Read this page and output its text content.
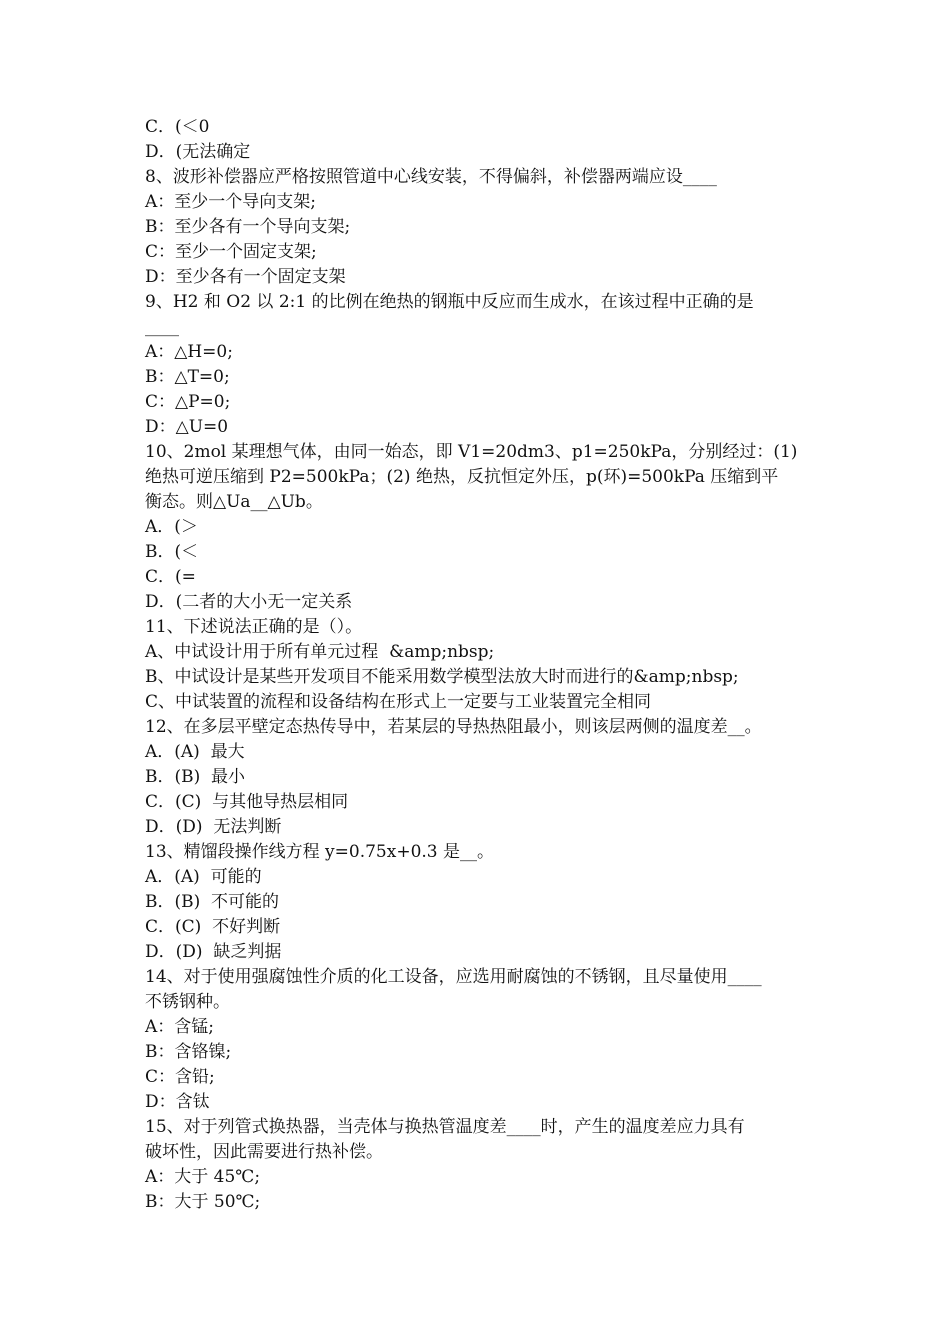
C．(＜0

D．(无法确定

8、波形补偿器应严格按照管道中心线安装，不得偏斜，补偿器两端应设____

A：至少一个导向支架;

B：至少各有一个导向支架;

C：至少一个固定支架;

D：至少各有一个固定支架

9、H2 和 O2 以 2:1 的比例在绝热的钢瓶中反应而生成水，在该过程中正确的是

____

A：△H=0;

B：△T=0;

C：△P=0;

D：△U=0

10、2mol 某理想气体，由同一始态，即 V1=20dm3、p1=250kPa，分别经过：(1)

绝热可逆压缩到 P2=500kPa；(2) 绝热，反抗恒定外压，p(环)=500kPa 压缩到平

衡态。则△Ua__△Ub。

A．(＞

B．(＜

C．(=

D．(二者的大小无一定关系

11、下述说法正确的是（）。

A、中试设计用于所有单元过程  &amp;nbsp;

B、中试设计是某些开发项目不能采用数学模型法放大时而进行的&amp;nbsp;

C、中试装置的流程和设备结构在形式上一定要与工业装置完全相同

12、在多层平壁定态热传导中，若某层的导热热阻最小，则该层两侧的温度差__。

A．(A)  最大

B．(B)  最小

C．(C)  与其他导热层相同

D．(D)  无法判断

13、精馏段操作线方程 y=0.75x+0.3 是__。

A．(A)  可能的

B．(B)  不可能的

C．(C)  不好判断

D．(D)  缺乏判据

14、对于使用强腐蚀性介质的化工设备，应选用耐腐蚀的不锈钢，且尽量使用____

不锈钢种。

A：含锰;

B：含铬镍;

C：含铅;

D：含钛

15、对于列管式换热器，当壳体与换热管温度差____时，产生的温度差应力具有

破坏性，因此需要进行热补偿。

A：大于 45℃;

B：大于 50℃;
